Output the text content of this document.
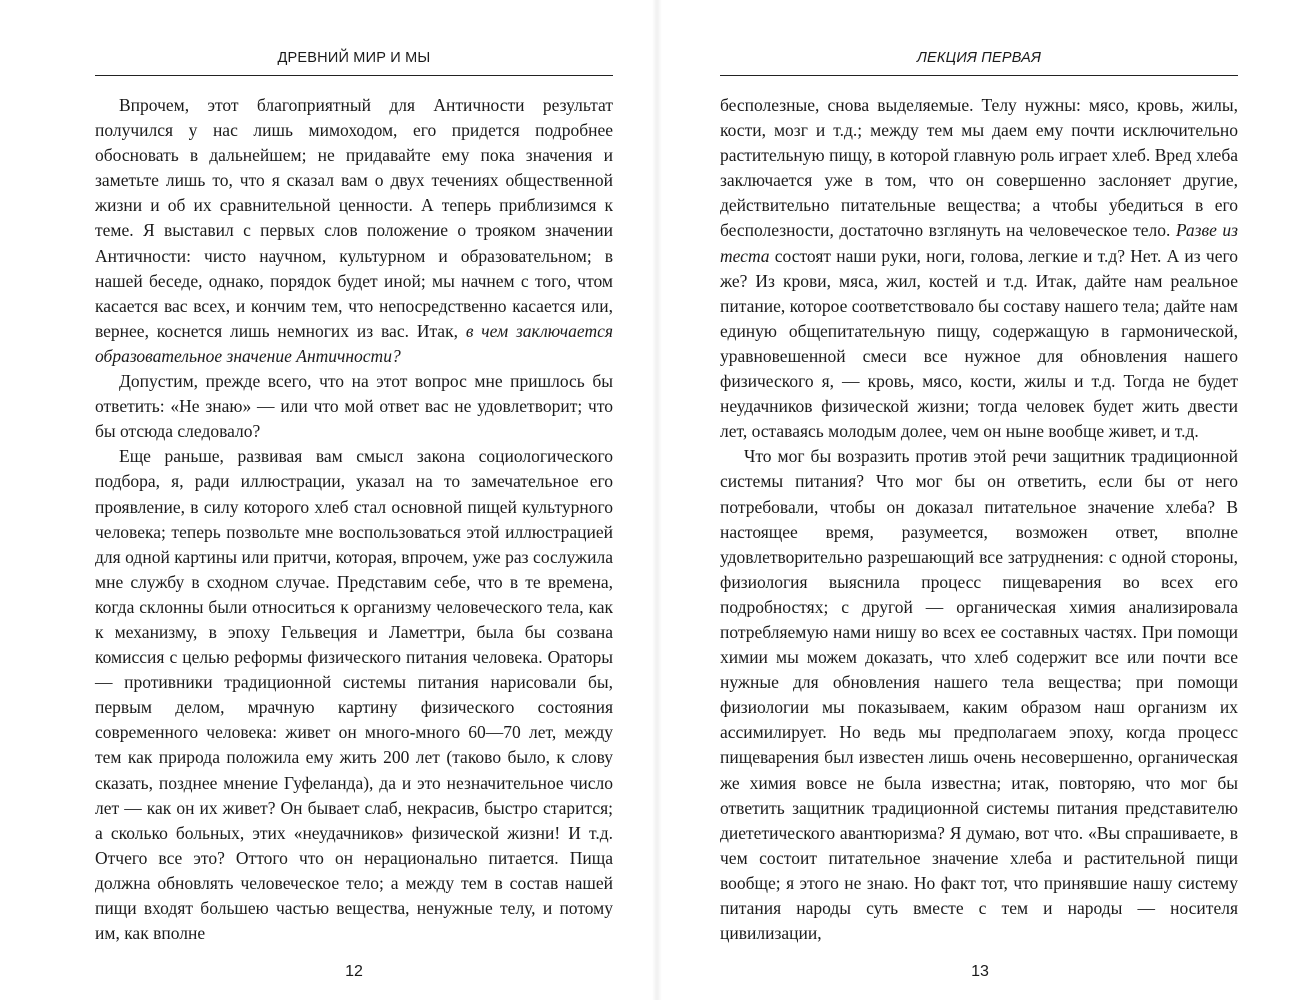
ДРЕВНИЙ МИР И МЫ

Впрочем, этот благоприятный для Античности результат получился у нас лишь мимоходом, его придется подробнее обосновать в дальнейшем; не придавайте ему пока значения и заметьте лишь то, что я сказал вам о двух течениях общественной жизни и об их сравнительной ценности. А теперь приблизимся к теме. Я выставил с первых слов положение о трояком значении Античности: чисто научном, культурном и образовательном; в нашей беседе, однако, порядок будет иной; мы начнем с того, чтом касается вас всех, и кончим тем, что непосредственно касается или, вернее, коснется лишь немногих из вас. Итак, в чем заключается образовательное значение Античности?

Допустим, прежде всего, что на этот вопрос мне пришлось бы ответить: «Не знаю» — или что мой ответ вас не удовлетворит; что бы отсюда следовало?

Еще раньше, развивая вам смысл закона социологического подбора, я, ради иллюстрации, указал на то замечательное его проявление, в силу которого хлеб стал основной пищей культурного человека; теперь позвольте мне воспользоваться этой иллюстрацией для одной картины или притчи, которая, впрочем, уже раз сослужила мне службу в сходном случае. Представим себе, что в те времена, когда склонны были относиться к организму человеческого тела, как к механизму, в эпоху Гельвеция и Ламеттри, была бы созвана комиссия с целью реформы физического питания человека. Ораторы — противники традиционной системы питания нарисовали бы, первым делом, мрачную картину физического состояния современного человека: живет он много-много 60—70 лет, между тем как природа положила ему жить 200 лет (таково было, к слову сказать, позднее мнение Гуфеланда), да и это незначительное число лет — как он их живет? Он бывает слаб, некрасив, быстро старится; а сколько больных, этих «неудачников» физической жизни! И т.д. Отчего все это? Оттого что он нерационально питается. Пища должна обновлять человеческое тело; а между тем в состав нашей пищи входят большею частью вещества, ненужные телу, и потому им, как вполне

12
ЛЕКЦИЯ ПЕРВАЯ

бесполезные, снова выделяемые. Телу нужны: мясо, кровь, жилы, кости, мозг и т.д.; между тем мы даем ему почти исключительно растительную пищу, в которой главную роль играет хлеб. Вред хлеба заключается уже в том, что он совершенно заслоняет другие, действительно питательные вещества; а чтобы убедиться в его бесполезности, достаточно взглянуть на человеческое тело. Разве из теста состоят наши руки, ноги, голова, легкие и т.д? Нет. А из чего же? Из крови, мяса, жил, костей и т.д. Итак, дайте нам реальное питание, которое соответствовало бы составу нашего тела; дайте нам единую общепитательную пищу, содержащую в гармонической, уравновешенной смеси все нужное для обновления нашего физического я, — кровь, мясо, кости, жилы и т.д. Тогда не будет неудачников физической жизни; тогда человек будет жить двести лет, оставаясь молодым долее, чем он ныне вообще живет, и т.д.

Что мог бы возразить против этой речи защитник традиционной системы питания? Что мог бы он ответить, если бы от него потребовали, чтобы он доказал питательное значение хлеба? В настоящее время, разумеется, возможен ответ, вполне удовлетворительно разрешающий все затруднения: с одной стороны, физиология выяснила процесс пищеварения во всех его подробностях; с другой — органическая химия анализировала потребляемую нами нишу во всех ее составных частях. При помощи химии мы можем доказать, что хлеб содержит все или почти все нужные для обновления нашего тела вещества; при помощи физиологии мы показываем, каким образом наш организм их ассимилирует. Но ведь мы предполагаем эпоху, когда процесс пищеварения был известен лишь очень несовершенно, органическая же химия вовсе не была известна; итак, повторяю, что мог бы ответить защитник традиционной системы питания представителю диететического авантюризма? Я думаю, вот что. «Вы спрашиваете, в чем состоит питательное значение хлеба и растительной пищи вообще; я этого не знаю. Но факт тот, что принявшие нашу систему питания народы суть вместе с тем и народы — носителя цивилизации,

13
